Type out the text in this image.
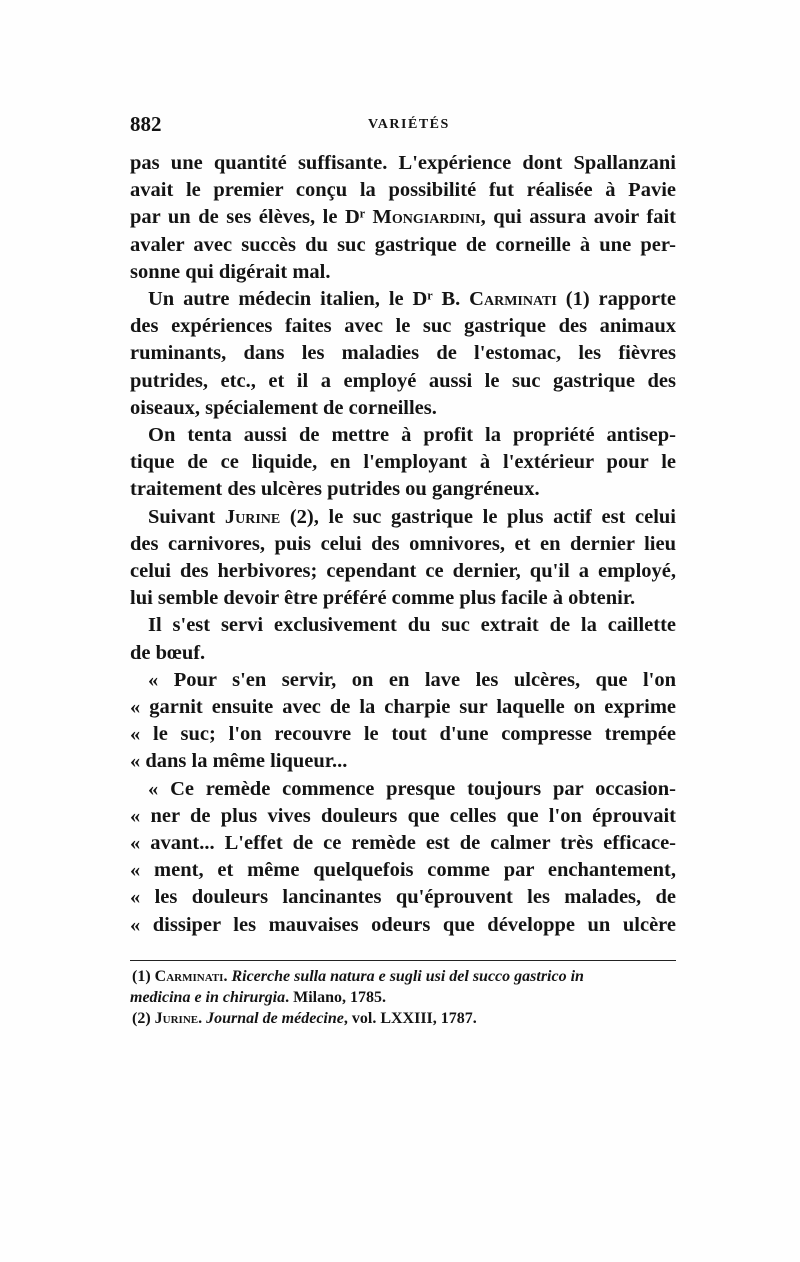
882	VARIÉTÉS

pas une quantité suffisante. L'expérience dont Spallanzani
avait le premier conçu la possibilité fut réalisée à Pavie
par un de ses élèves, le Dʳ Mongiardini, qui assura avoir fait
avaler avec succès du suc gastrique de corneille à une per-
sonne qui digérait mal.

Un autre médecin italien, le Dʳ B. Carminati (1) rapporte
des expériences faites avec le suc gastrique des animaux
ruminants, dans les maladies de l'estomac, les fièvres
putrides, etc., et il a employé aussi le suc gastrique des
oiseaux, spécialement de corneilles.

On tenta aussi de mettre à profit la propriété antisep-
tique de ce liquide, en l'employant à l'extérieur pour le
traitement des ulcères putrides ou gangréneux.

Suivant Jurine (2), le suc gastrique le plus actif est celui
des carnivores, puis celui des omnivores, et en dernier lieu
celui des herbivores; cependant ce dernier, qu'il a employé,
lui semble devoir être préféré comme plus facile à obtenir.

Il s'est servi exclusivement du suc extrait de la caillette
de bœuf.

« Pour s'en servir, on en lave les ulcères, que l'on
« garnit ensuite avec de la charpie sur laquelle on exprime
« le suc; l'on recouvre le tout d'une compresse trempée
« dans la même liqueur...

« Ce remède commence presque toujours par occasion-
« ner de plus vives douleurs que celles que l'on éprouvait
« avant... L'effet de ce remède est de calmer très efficace-
« ment, et même quelquefois comme par enchantement,
« les douleurs lancinantes qu'éprouvent les malades, de
« dissiper les mauvaises odeurs que développe un ulcère

(1) Carminati. Ricerche sulla natura e sugli usi del succo gastrico in
medicina e in chirurgia. Milano, 1785.
(2) Jurine. Journal de médecine, vol. LXXIII, 1787.
